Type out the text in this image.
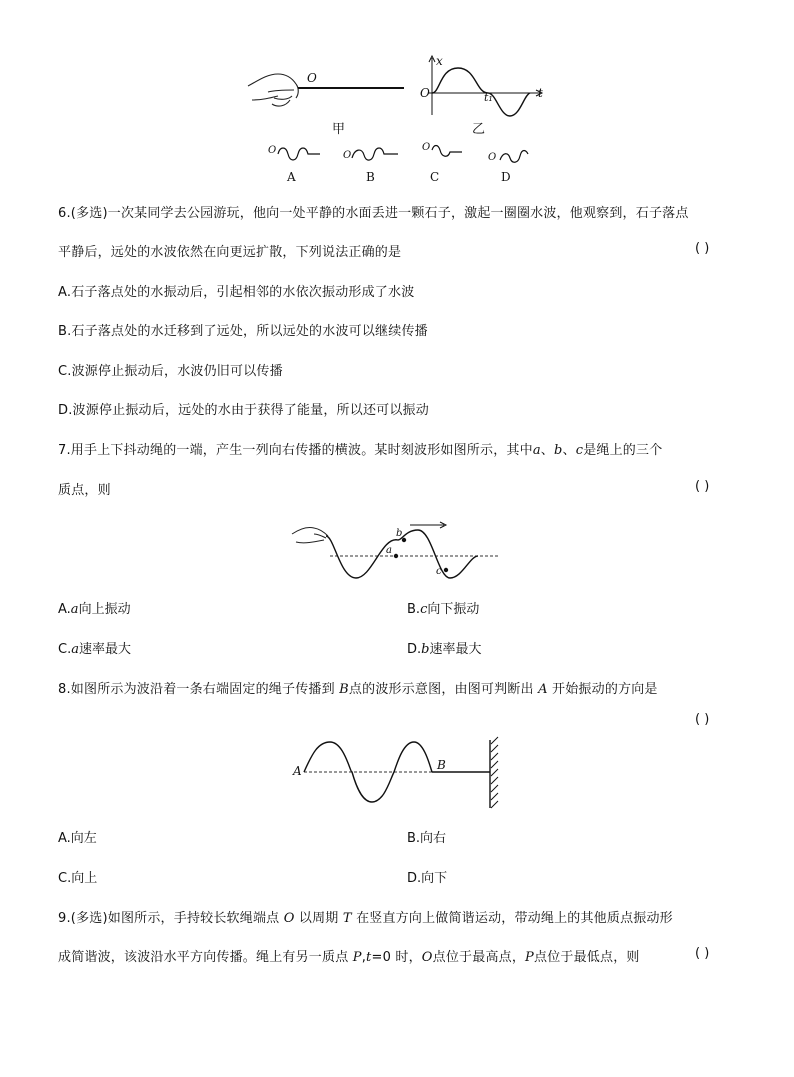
O
甲
x
O	t₁	t
乙
O	O
O
O
A	B	C	D
6.(多选)一次某同学去公园游玩，他向一处平静的水面丢进一颗石子，激起一圈圈水波，他观察到，石子落点
平静后，远处的水波依然在向更远扩散，下列说法正确的是	( )
A.石子落点处的水振动后，引起相邻的水依次振动形成了水波
B.石子落点处的水迁移到了远处，所以远处的水波可以继续传播
C.波源停止振动后，水波仍旧可以传播
D.波源停止振动后，远处的水由于获得了能量，所以还可以振动
7.用手上下抖动绳的一端，产生一列向右传播的横波。某时刻波形如图所示，其中a、b、c是绳上的三个
质点，则	( )
b
a
c
A.a向上振动	B.c向下振动
C.a速率最大	D.b速率最大
8.如图所示为波沿着一条右端固定的绳子传播到 B点的波形示意图，由图可判断出 A 开始振动的方向是
( )
A	B
A.向左	B.向右
C.向上	D.向下
9.(多选)如图所示，手持较长软绳端点 O 以周期 T 在竖直方向上做简谐运动，带动绳上的其他质点振动形
成简谐波，该波沿水平方向传播。绳上有另一质点 P,t=0 时，O点位于最高点，P点位于最低点，则	( )
